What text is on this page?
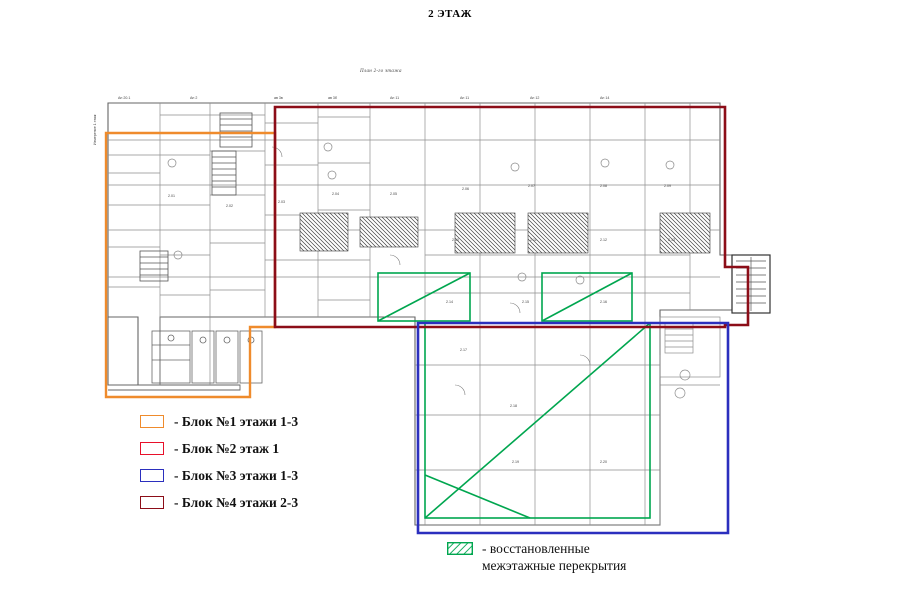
2 ЭТАЖ
План 2-го этажа
Ан 20.1	Ан 2	ав 3в	ав 3б	Ан 11	Ан 11	Ан 12	Ан 14
Измерение 1 этаж
2.01
2.02
2.03
2.04	2.05
2.06
2.07	2.08	2.09
2.10	2.11	2.12	2.13
2.14	2.15	2.16
2.17
2.18
2.19	2.20
- Блок №1 этажи 1-3
- Блок №2 этаж 1
- Блок №3 этажи 1-3
- Блок №4 этажи 2-3
- восстановленные
межэтажные перекрытия
